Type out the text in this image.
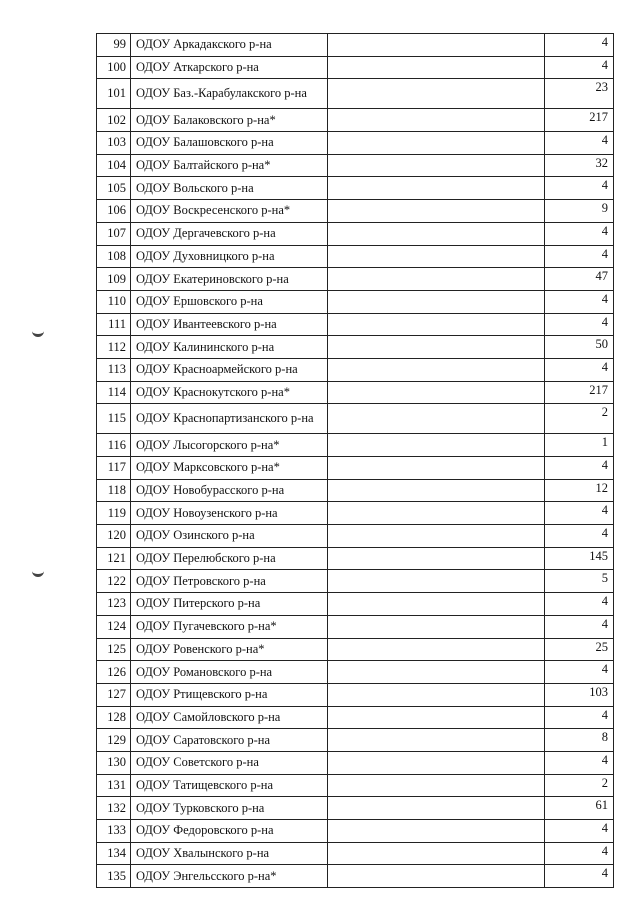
99	ОДОУ Аркадакского р-на		4
100	ОДОУ Аткарского р-на		4
101	ОДОУ Баз.-Карабулакского р-на		23
102	ОДОУ Балаковского р-на*		217
103	ОДОУ Балашовского р-на		4
104	ОДОУ Балтайского р-на*		32
105	ОДОУ Вольского р-на		4
106	ОДОУ Воскресенского р-на*		9
107	ОДОУ Дергачевского р-на		4
108	ОДОУ Духовницкого р-на		4
109	ОДОУ Екатериновского р-на		47
110	ОДОУ Ершовского р-на		4
111	ОДОУ Ивантеевского р-на		4
112	ОДОУ Калининского р-на		50
113	ОДОУ Красноармейского р-на		4
114	ОДОУ Краснокутского р-на*		217
115	ОДОУ Краснопартизанского р-на		2
116	ОДОУ Лысогорского р-на*		1
117	ОДОУ Марксовского р-на*		4
118	ОДОУ Новобурасского р-на		12
119	ОДОУ Новоузенского р-на		4
120	ОДОУ Озинского р-на		4
121	ОДОУ Перелюбского р-на		145
122	ОДОУ Петровского р-на		5
123	ОДОУ Питерского р-на		4
124	ОДОУ Пугачевского р-на*		4
125	ОДОУ Ровенского р-на*		25
126	ОДОУ Романовского р-на		4
127	ОДОУ Ртищевского р-на		103
128	ОДОУ Самойловского р-на		4
129	ОДОУ Саратовского р-на		8
130	ОДОУ Советского р-на		4
131	ОДОУ Татищевского р-на		2
132	ОДОУ Турковского р-на		61
133	ОДОУ Федоровского р-на		4
134	ОДОУ Хвалынского р-на		4
135	ОДОУ Энгельсского р-на*		4
